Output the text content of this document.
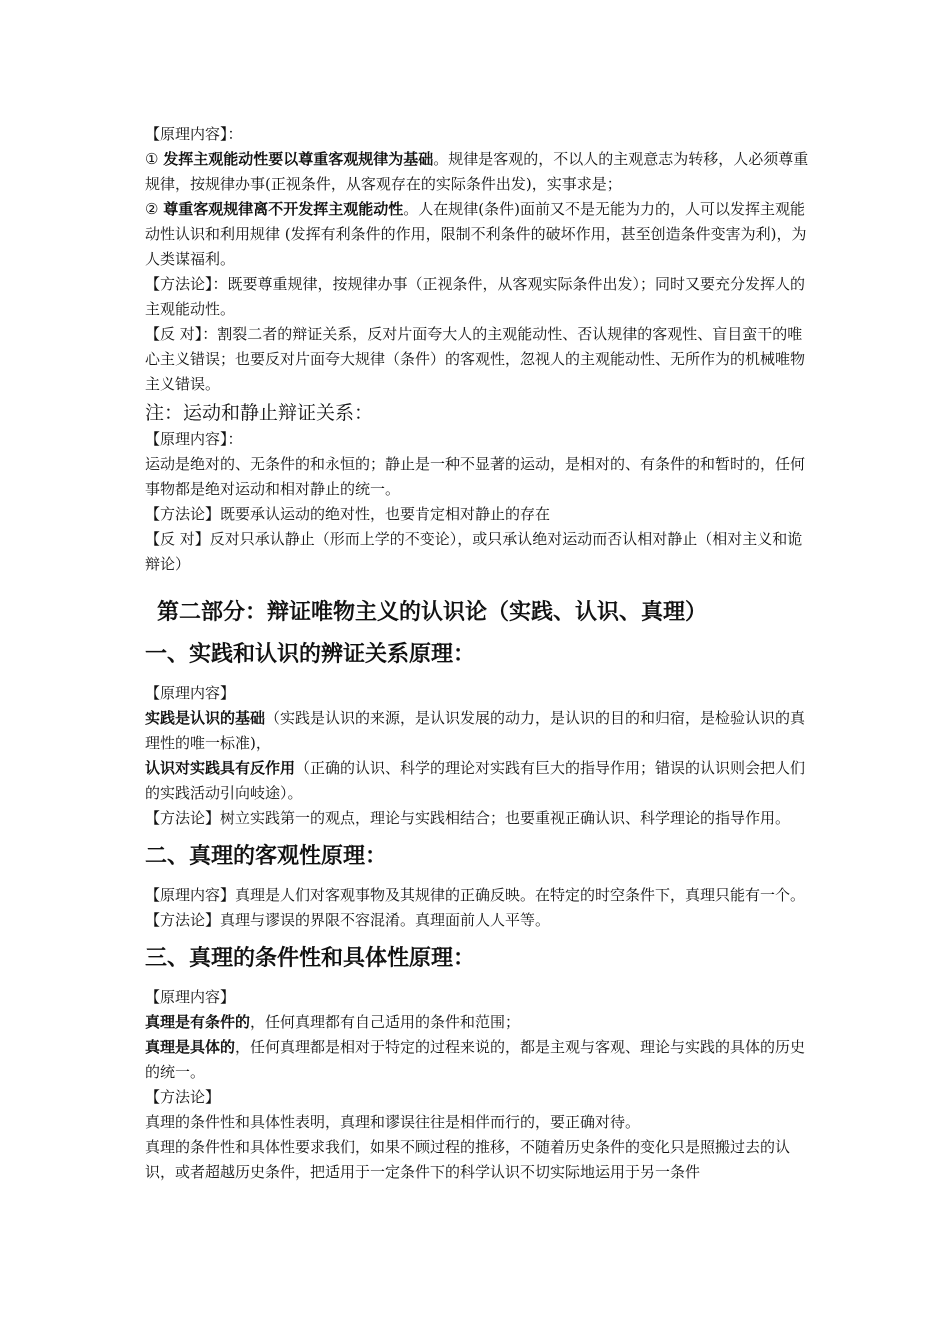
【原理内容】：

① 发挥主观能动性要以尊重客观规律为基础。规律是客观的，不以人的主观意志为转移，人必须尊重规律，按规律办事(正视条件，从客观存在的实际条件出发)，实事求是；

② 尊重客观规律离不开发挥主观能动性。人在规律(条件)面前又不是无能为力的，人可以发挥主观能动性认识和利用规律 (发挥有利条件的作用，限制不利条件的破坏作用，甚至创造条件变害为利)，为人类谋福利。

【方法论】：既要尊重规律，按规律办事（正视条件，从客观实际条件出发）；同时又要充分发挥人的主观能动性。

【反 对】：割裂二者的辩证关系，反对片面夸大人的主观能动性、否认规律的客观性、盲目蛮干的唯心主义错误；也要反对片面夸大规律（条件）的客观性，忽视人的主观能动性、无所作为的机械唯物主义错误。

注：运动和静止辩证关系：

【原理内容】：

运动是绝对的、无条件的和永恒的；静止是一种不显著的运动，是相对的、有条件的和暂时的，任何事物都是绝对运动和相对静止的统一。

【方法论】既要承认运动的绝对性，也要肯定相对静止的存在

【反 对】反对只承认静止（形而上学的不变论），或只承认绝对运动而否认相对静止（相对主义和诡辩论）

第二部分：辩证唯物主义的认识论（实践、认识、真理）
一、实践和认识的辨证关系原理：

【原理内容】

实践是认识的基础（实践是认识的来源，是认识发展的动力，是认识的目的和归宿，是检验认识的真理性的唯一标准)，

认识对实践具有反作用（正确的认识、科学的理论对实践有巨大的指导作用；错误的认识则会把人们的实践活动引向岐途）。

【方法论】树立实践第一的观点，理论与实践相结合；也要重视正确认识、科学理论的指导作用。

二、真理的客观性原理：

【原理内容】真理是人们对客观事物及其规律的正确反映。在特定的时空条件下，真理只能有一个。

【方法论】真理与谬误的界限不容混淆。真理面前人人平等。

三、真理的条件性和具体性原理：

【原理内容】

真理是有条件的，任何真理都有自己适用的条件和范围；

真理是具体的，任何真理都是相对于特定的过程来说的，都是主观与客观、理论与实践的具体的历史的统一。

【方法论】

真理的条件性和具体性表明，真理和谬误往往是相伴而行的，要正确对待。

真理的条件性和具体性要求我们，如果不顾过程的推移，不随着历史条件的变化只是照搬过去的认识，或者超越历史条件，把适用于一定条件下的科学认识不切实际地运用于另一条件
